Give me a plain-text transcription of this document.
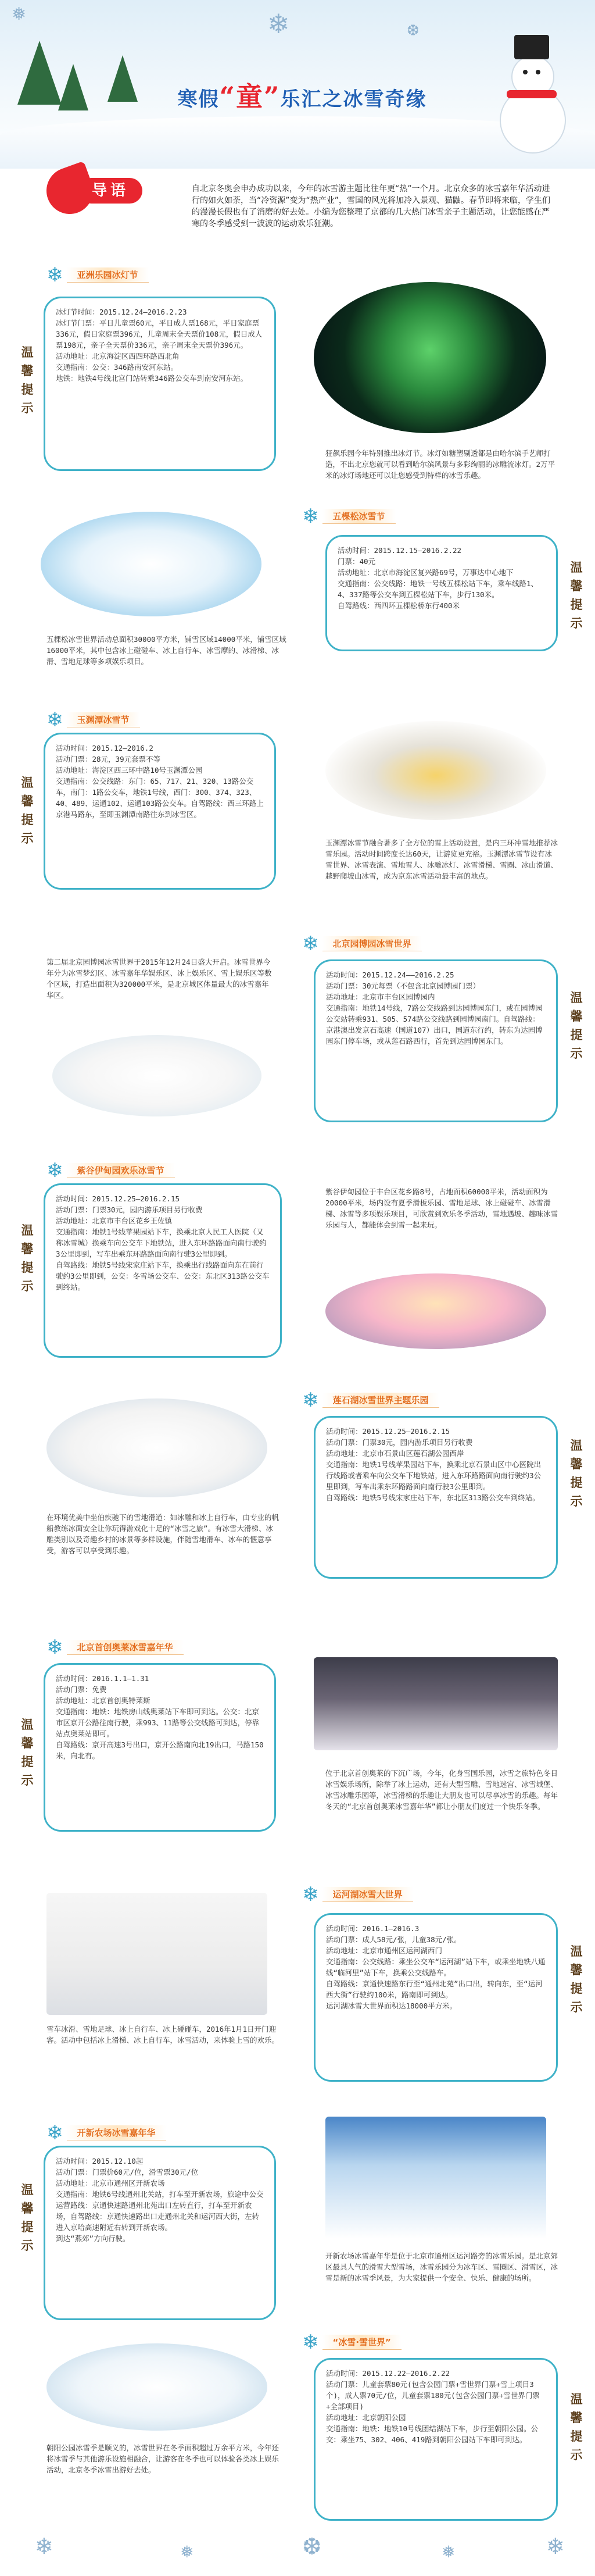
❄
❅
❆
寒假“童”乐汇之冰雪奇缘
导语	自北京冬奥会申办成功以来，今年的冰雪游主题比往年更“热”一个月。北京众多的冰雪嘉年华活动进行的如火如荼，当“冷资源”变为“热产业”，雪国的风光将加冷入景观、猫鼬。春节即将来临，学生们的漫漫长假也有了消磨的好去处。小编为您整理了京都的几大热门冰雪亲子主题活动，让您能感在严寒的冬季感受到一波波的运动欢乐狂潮。
❄	亚洲乐园冰灯节
温
馨
提
示

冰灯节时间：2015.12.24—2016.2.23

冰灯节门票：平日儿童票60元，平日成人票168元，平日家庭票336元，假日家庭票396元，儿童周末全天票价108元，假日成人票198元，亲子全天票价336元，亲子周末全天票价396元。

活动地址：北京海淀区西四环路西北角

交通指南：公交：346路南安河东站。

地铁：地铁4号线北宫门站转乘346路公交车到南安河东站。

狂飙乐园今年特别推出冰灯节。冰灯如糖塑剔透都是由哈尔滨手艺师打造，不出北京您就可以看到哈尔滨风景与多彩绚丽的冰雕流冰灯。2万平米的冰灯场地还可以让您感受到特样的冰雪乐趣。
❄	五棵松冰雪节

活动时间：2015.12.15—2016.2.22

门票：40元

活动地址：北京市海淀区复兴路69号，万事达中心地下

交通指南：公交线路：地铁一号线五棵松站下车，乘车线路1、4、337路等公交车到五棵松站下车，步行130米。

自驾路线：西四环五棵松桥东行400米

温
馨
提
示
五棵松冰雪世界活动总面积30000平方米，铺雪区域14000平米，铺雪区域16000平米，其中包含冰上碰碰车、冰上自行车、冰雪摩的、冰滑梯、冰滑、雪地足球等多项娱乐项目。
❄	玉渊潭冰雪节
温
馨
提
示

活动时间：2015.12—2016.2

活动门票：28元，39元套票不等

活动地址：海淀区西三环中路10号玉渊潭公园

交通指南：公交线路：东门：65、717、21、320、13路公交车，南门：1路公交车，地铁1号线，西门：300、374、323、40、489、运通102、运通103路公交车。自驾路线：西三环路上京港马路东，至即玉渊潭南路往东到冰雪区。

玉渊潭冰雪节融合著多了全方位的雪上活动设置，是内三环冲雪地推荐冰雪乐园。活动时间跨度长达60天，让游览更充裕。玉渊潭冰雪节设有冰雪世界、冰雪表演、雪地雪人、冰雕冰灯、冰雪滑梯、雪圈、冰山滑道、越野爬坡山冰雪，成为京东冰雪活动最丰富的地点。
第二届北京园博园冰雪世界于2015年12月24日盛大开启。冰雪世界今年分为冰雪梦幻区、冰雪嘉年华娱乐区、冰上娱乐区、雪上娱乐区等数个区域，打造出面积为320000平米，是北京城区体量最大的冰雪嘉年华区。
❄	北京园博园冰雪世界

活动时间：2015.12.24——2016.2.25

活动门票：30元每票（不包含北京园博园门票）

活动地址：北京市丰台区园博园内

交通指南：地铁14号线，7路公交线路到达园博园东门，或在园博园公交站转乘931、505、574路公交线路到园博园南门。自驾路线：京港澳出发京石高速（国道107）出口，国道东行约，转东为达园博园东门停车场，或从莲石路西行，首先到达园博园东门。

温
馨
提
示
❄	紫谷伊甸园欢乐冰雪节
温
馨
提
示

活动时间：2015.12.25—2016.2.15

活动门票：门票30元，园内游乐项目另行收费

活动地址：北京市丰台区花乡王佐镇

交通指南：地铁1号线苹果园站下车，换乘北京人民工人医院（又称冰雪城）换乘车向公交车下地铁站，进入东环路路面向南行驶约3公里即到，写车出乘东环路路面向南行驶3公里即到。

自驾路线：地铁5号线宋家庄站下车，换乘出行线路面向东在前行驶约3公里即到，公交：冬雪场公交车、公交：东北区313路公交车到终站。

紫谷伊甸园位于丰台区花乡路8号，占地面积60000平米，活动面积为20000平米，场内设有夏季滑板乐园、雪地足球、冰上碰碰车、冰雪滑梯、冰雪等多项娱乐项目，可欣赏到欢乐冬季活动，雪地遇坡、趣味冰雪乐园与人，都能体会到雪一起来玩。
在环境优美中坐伯疾驰下的雪地滑道：如冰雕和冰上自行车，由专业的帆船教练冰面安全让你玩得游戏化十足的“冰雪之旅”。有冰雪大滑梯、冰雕类别以及奇趣乡村的冰景等多样设施，伴随雪地滑车、冰车的惬意享受，游客可以享受到乐趣。
❄	莲石湖冰雪世界主题乐园

活动时间：2015.12.25—2016.2.15

活动门票：门票30元，园内游乐项目另行收费

活动地址：北京市石景山区莲石湖公园西岸

交通指南：地铁1号线苹果园站下车，换乘北京石景山区中心医院出行线路或者乘车向公交车下地铁站，进入东环路路面向南行驶约3公里即到，写车出乘东环路路面向南行驶3公里即到。

自驾路线：地铁5号线宋家庄站下车，东北区313路公交车到终站。

温
馨
提
示
❄	北京首创奥莱冰雪嘉年华
温
馨
提
示

活动时间：2016.1.1—1.31

活动门票：免费

活动地址：北京首创奥特莱斯

交通指南：地铁：地铁房山线奥莱站下车即可到达。公交：北京市区京开公路往南行驶，乘993、11路等公交线路可到达，停靠站点奥莱站即可。

自驾路线：京开高速3号出口，京开公路南向北19出口，马路150米，向北有。

位于北京首创奥莱的下沉广场，今年，化身雪国乐园，冰雪之旅特色冬日冰雪娱乐场所，除举了冰上运动，还有大型雪雕、雪地迷宫、冰雪城堡、冰雪冰雕乐园等，冰雪滑梯的乐趣让大朋友也可以尽享冰雪的乐趣。每年冬天的“北京首创奥莱冰雪嘉年华”都让小朋友们度过一个快乐冬季。
雪车冰滑、雪地足球、冰上自行车、冰上碰碰车，2016年1月1日开门迎客。活动中包括冰上滑梯、冰上自行车，冰雪活动，来体验上雪的欢乐。
❄	运河湖冰雪大世界

活动时间：2016.1—2016.3

活动门票：成人58元/张，儿童38元/张。

活动地址：北京市通州区运河湖西门

交通指南：公交线路：乘坐公交车“运河湖”站下车，或乘坐地铁八通线“临河里”站下车，换乘公交线路车。

自驾路线：京通快速路东行至“通州北苑”出口出，转向东，至“运河西大街”行驶约100米，路南即可到达。

运河湖冰雪大世界面积达18000平方米。

温
馨
提
示
❄	开新农场冰雪嘉年华
温
馨
提
示

活动时间：2015.12.10起

活动门票：门票价60元/位，滑雪票30元/位

活动地址：北京市通州区开新农场

交通指南：地铁6号线通州北关站，打车至开新农场，旅途中公交运营路线：京通快速路通州北苑出口左转直行，打车至开新农场，自驾路线：京通快速路出口走通州北关和运河西大街，左转进入京哈高速附近右转到开新农场。

到达“燕郊”方向行驶。

开新农场冰雪嘉年华是位于北京市通州区运河路旁的冰雪乐园。是北京郊区最具人气的滑雪大型雪场，冰雪乐园分为冰车区、雪圈区、滑雪区，冰雪是新的冰雪季风景，为大家提供一个安全、快乐、健康的场所。
朝阳公园冰雪季是顺义的，冰雪世界在冬季面积超过万余平方米，今年还将冰雪季与其他游乐设施相融合，让游客在冬季也可以体验各类冰上娱乐活动，北京冬季冰雪出游好去处。
❄	“冰雪·雪世界”

活动时间：2015.12.22—2016.2.22

活动门票：儿童套票80元(包含公园门票+雪世界门票+雪上项目3个)，成人票70元/位，儿童套票180元(包含公园门票+雪世界门票+全部项目)

活动地址：北京朝阳公园

交通指南：地铁：地铁10号线团结湖站下车，步行至朝阳公园。公交：乘坐75、302、406、419路到朝阳公园站下车即可到达。

温
馨
提
示
❄	❅	❆	❅	❄
